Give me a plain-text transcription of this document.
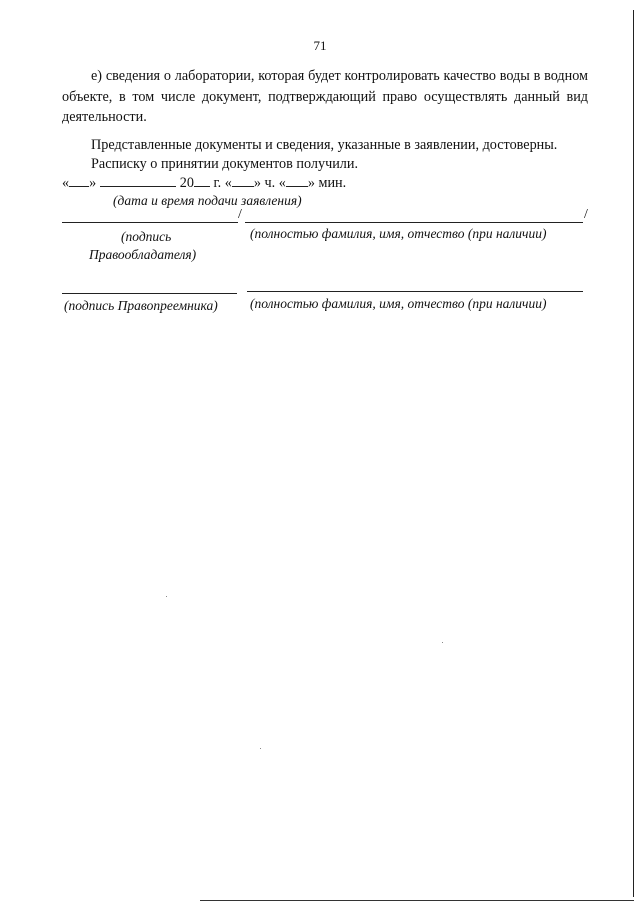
71

е) сведения о лаборатории, которая будет контролировать качество воды в водном объекте, в том числе документ, подтверждающий право осуществлять данный вид деятельности.

Представленные документы и сведения, указанные в заявлении, достоверны.
Расписку о принятии документов получили.
« »	20 г. « » ч. « » мин.
(дата и время подачи заявления)
/	/
(подпись
Правообладателя)
(полностью фамилия, имя, отчество (при наличии)
(подпись Правопреемника) (полностью фамилия, имя, отчество (при наличии)
